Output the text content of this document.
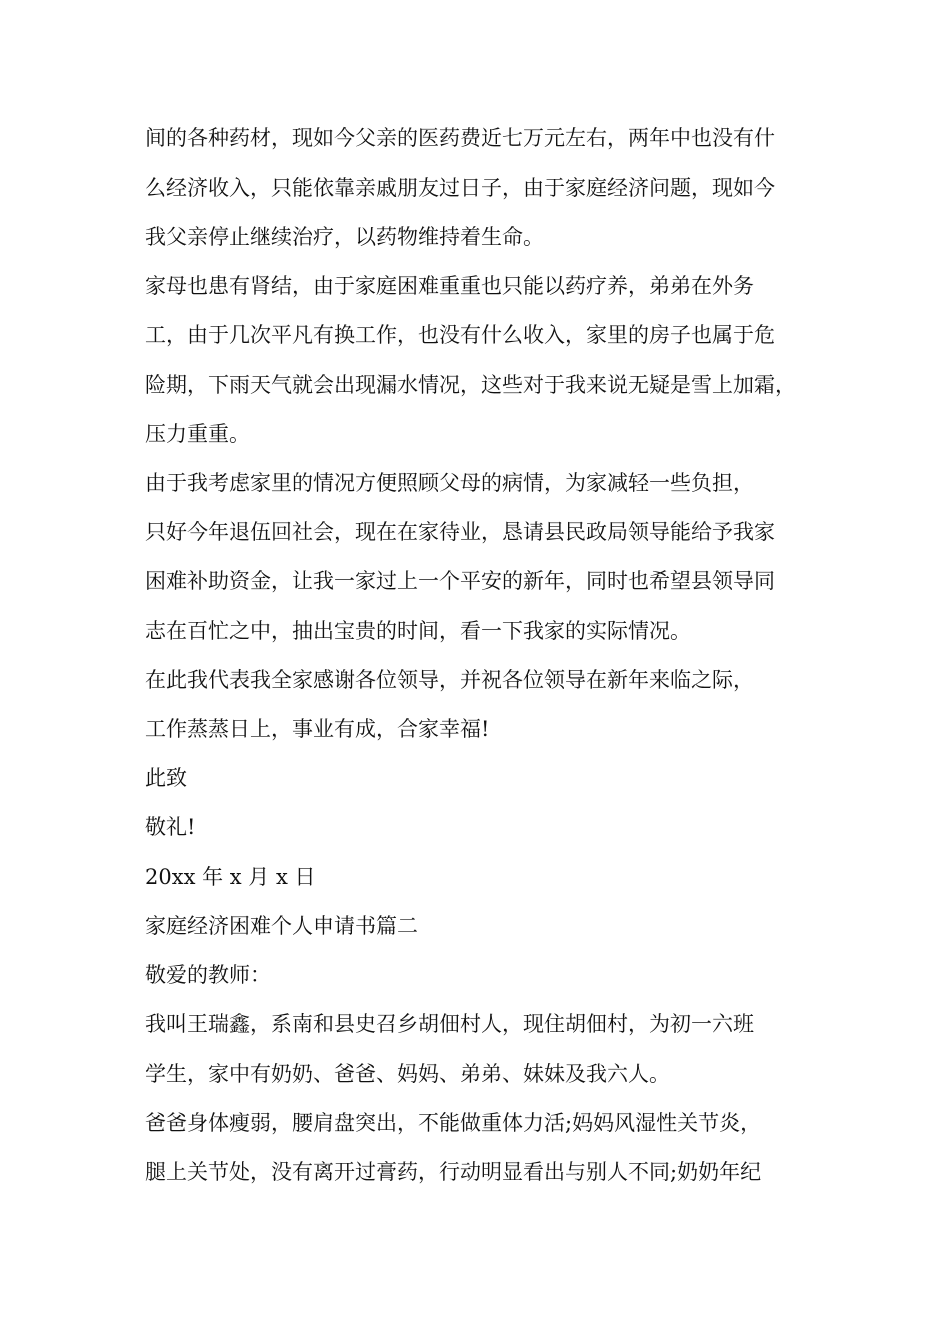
间的各种药材，现如今父亲的医药费近七万元左右，两年中也没有什
么经济收入，只能依靠亲戚朋友过日子，由于家庭经济问题，现如今
我父亲停止继续治疗，以药物维持着生命。
家母也患有肾结，由于家庭困难重重也只能以药疗养，弟弟在外务
工，由于几次平凡有换工作，也没有什么收入，家里的房子也属于危
险期，下雨天气就会出现漏水情况，这些对于我来说无疑是雪上加霜，
压力重重。
由于我考虑家里的情况方便照顾父母的病情，为家减轻一些负担，
只好今年退伍回社会，现在在家待业，恳请县民政局领导能给予我家
困难补助资金，让我一家过上一个平安的新年，同时也希望县领导同
志在百忙之中，抽出宝贵的时间，看一下我家的实际情况。
在此我代表我全家感谢各位领导，并祝各位领导在新年来临之际，
工作蒸蒸日上，事业有成，合家幸福!
此致
敬礼!
20xx 年 x 月 x 日
家庭经济困难个人申请书篇二
敬爱的教师：
我叫王瑞鑫，系南和县史召乡胡佃村人，现住胡佃村，为初一六班
学生，家中有奶奶、爸爸、妈妈、弟弟、妹妹及我六人。
爸爸身体瘦弱，腰肩盘突出，不能做重体力活;妈妈风湿性关节炎，
腿上关节处，没有离开过膏药，行动明显看出与别人不同;奶奶年纪
